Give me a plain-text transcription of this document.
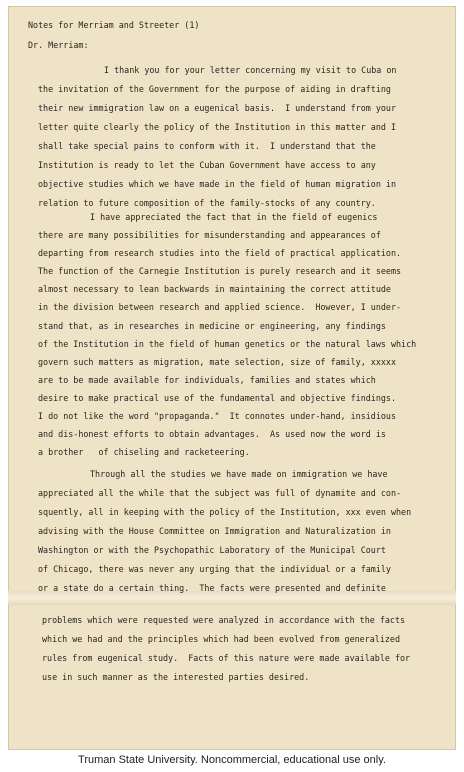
Notes for Merriam and Streeter (1)
Dr. Merriam:
I thank you for your letter concerning my visit to Cuba on
the invitation of the Government for the purpose of aiding in drafting
their new immigration law on a eugenical basis.  I understand from your
letter quite clearly the policy of the Institution in this matter and I
shall take special pains to conform with it.  I understand that the
Institution is ready to let the Cuban Government have access to any
objective studies which we have made in the field of human migration in
relation to future composition of the family-stocks of any country.
I have appreciated the fact that in the field of eugenics
there are many possibilities for misunderstanding and appearances of
departing from research studies into the field of practical application.
The function of the Carnegie Institution is purely research and it seems
almost necessary to lean backwards in maintaining the correct attitude
in the division between research and applied science.  However, I under-
stand that, as in researches in medicine or engineering, any findings
of the Institution in the field of human genetics or the natural laws which
govern such matters as migration, mate selection, size of family, xxxxx
are to be made available for individuals, families and states which
desire to make practical use of the fundamental and objective findings.
I do not like the word "propaganda."  It connotes under-hand, insidious
and dis-honest efforts to obtain advantages.  As used now the word is
a brother   of chiseling and racketeering.
Through all the studies we have made on immigration we have
appreciated all the while that the subject was full of dynamite and con-
squently, all in keeping with the policy of the Institution, xxx even when
advising with the House Committee on Immigration and Naturalization in
Washington or with the Psychopathic Laboratory of the Municipal Court
of Chicago, there was never any urging that the individual or a family
or a state do a certain thing.  The facts were presented and definite
problems which were requested were analyzed in accordance with the facts
which we had and the principles which had been evolved from generalized
rules from eugenical study.  Facts of this nature were made available for
use in such manner as the interested parties desired.
Truman State University. Noncommercial, educational use only.
